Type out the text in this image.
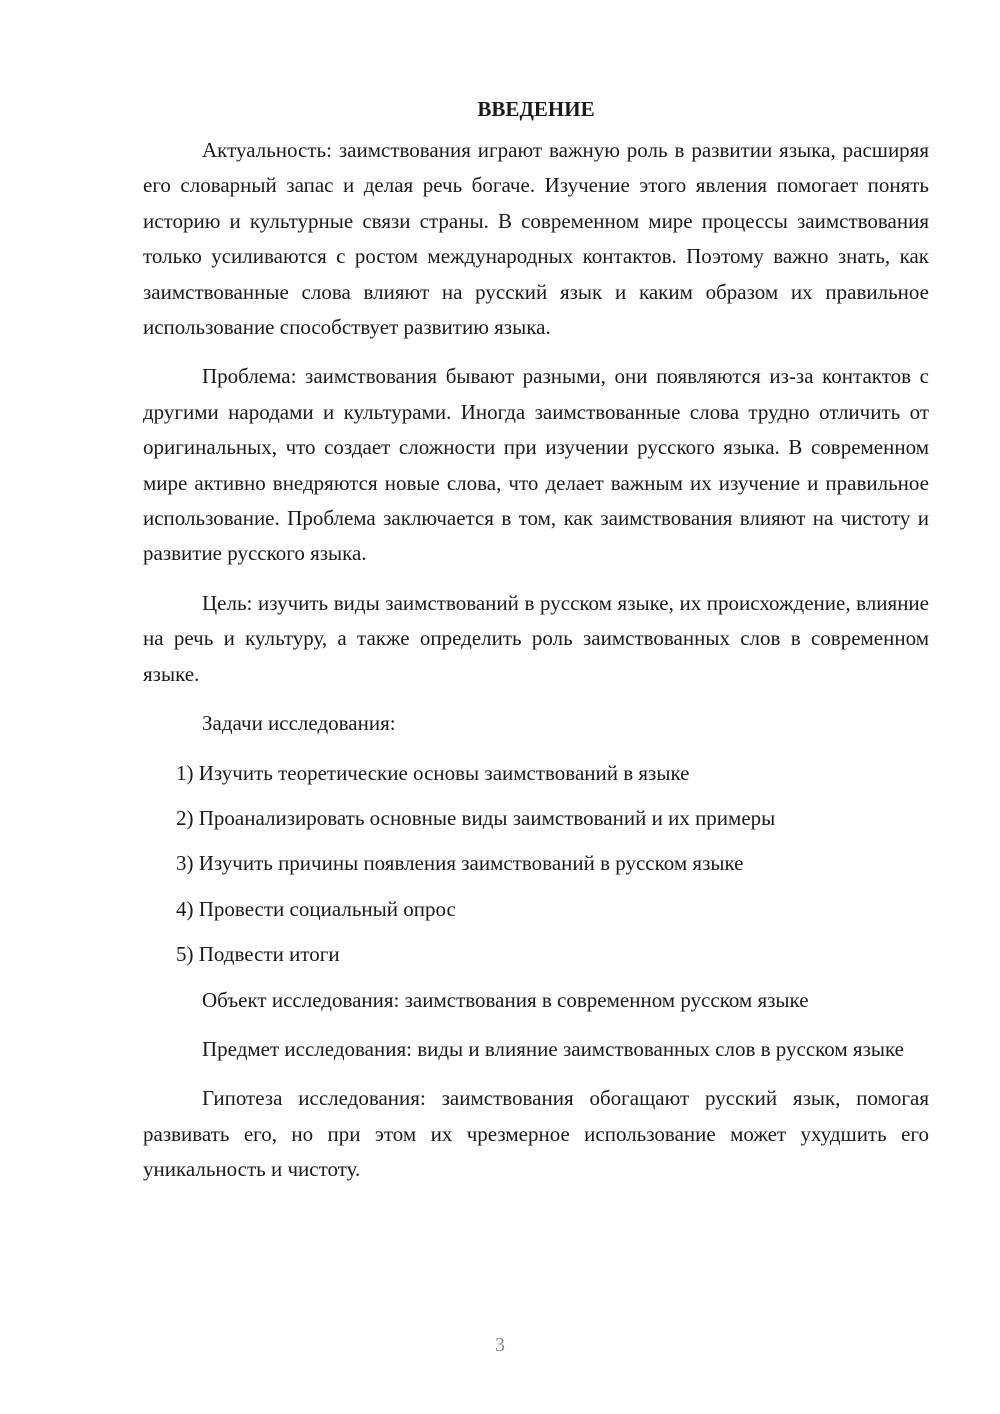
ВВЕДЕНИЕ

Актуальность: заимствования играют важную роль в развитии языка, расширяя его словарный запас и делая речь богаче. Изучение этого явления помогает понять историю и культурные связи страны. В современном мире процессы заимствования только усиливаются с ростом международных контактов. Поэтому важно знать, как заимствованные слова влияют на русский язык и каким образом их правильное использование способствует развитию языка.

Проблема: заимствования бывают разными, они появляются из-за контактов с другими народами и культурами. Иногда заимствованные слова трудно отличить от оригинальных, что создает сложности при изучении русского языка. В современном мире активно внедряются новые слова, что делает важным их изучение и правильное использование. Проблема заключается в том, как заимствования влияют на чистоту и развитие русского языка.

Цель: изучить виды заимствований в русском языке, их происхождение, влияние на речь и культуру, а также определить роль заимствованных слов в современном языке.

Задачи исследования:

1) Изучить теоретические основы заимствований в языке
2) Проанализировать основные виды заимствований и их примеры
3) Изучить причины появления заимствований в русском языке
4) Провести социальный опрос
5) Подвести итоги

Объект исследования: заимствования в современном русском языке

Предмет исследования: виды и влияние заимствованных слов в русском языке

Гипотеза исследования: заимствования обогащают русский язык, помогая развивать его, но при этом их чрезмерное использование может ухудшить его уникальность и чистоту.

3
